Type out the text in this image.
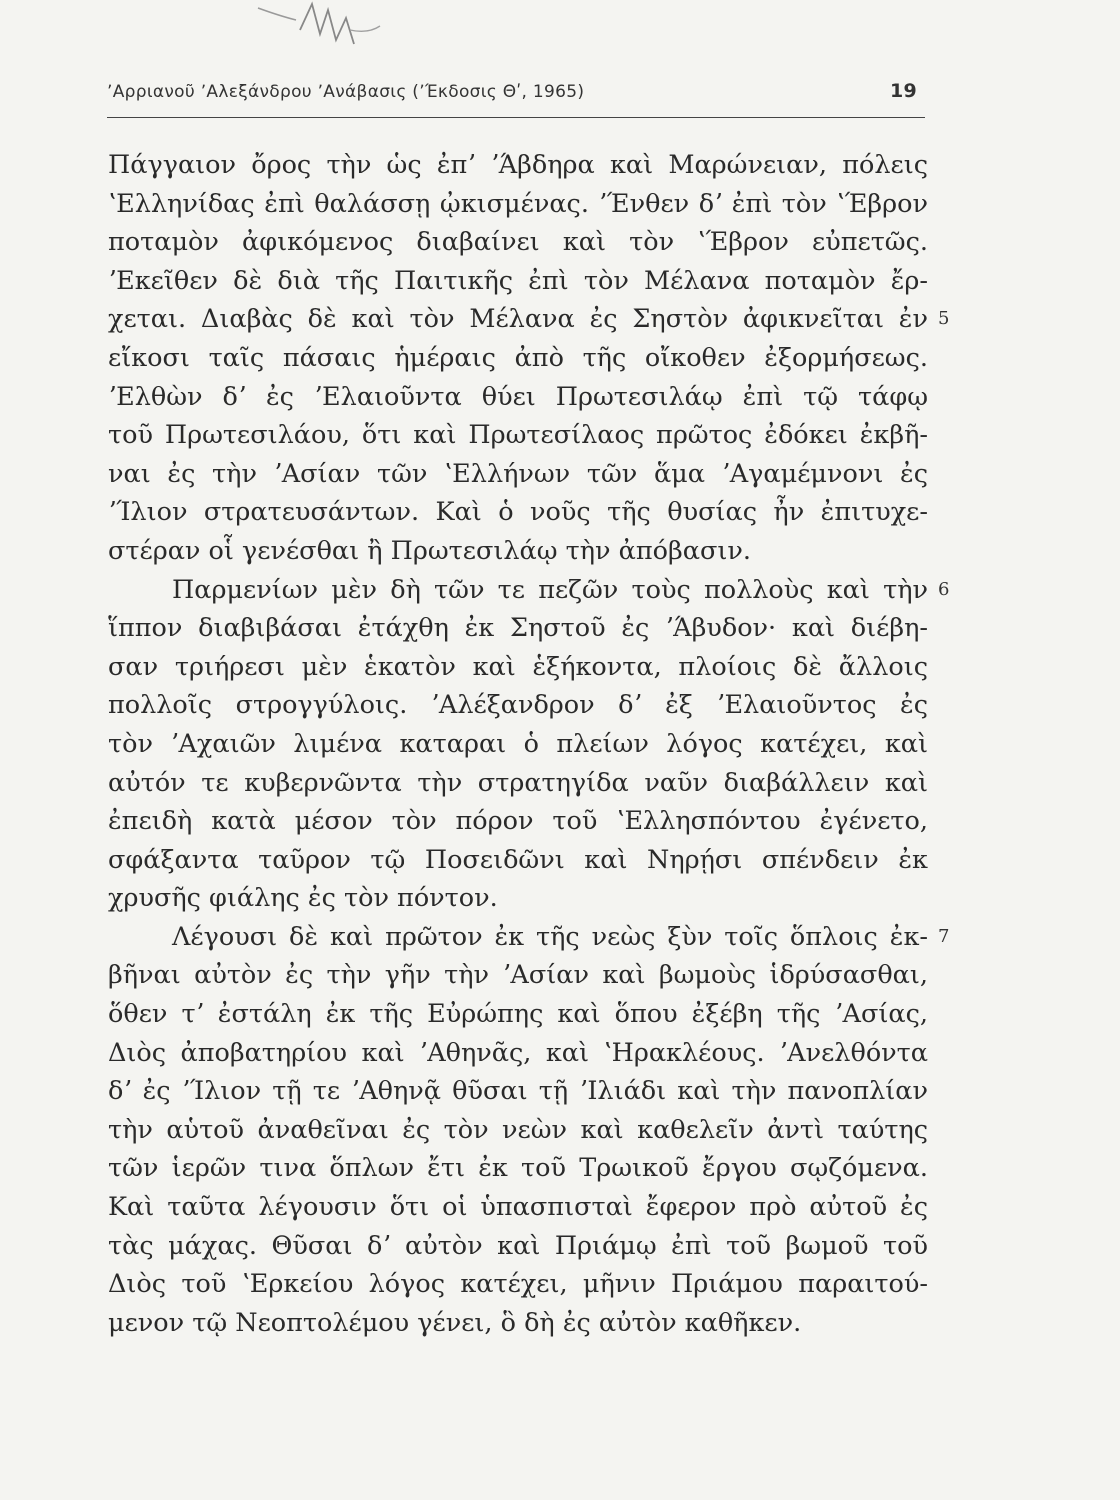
ʼΑρριανοῦ ʼΑλεξάνδρου ʼΑνάβασις (ʼΈκδοσις Θʹ, 1965)	19
Πάγγαιον ὄρος τὴν ὡς ἐπʼ ʼΆβδηρα καὶ Μαρώνειαν, πόλεις
ʽΕλληνίδας ἐπὶ θαλάσσῃ ᾠκισμένας. ʼΈνθεν δʼ ἐπὶ τὸν ʽΈβρον
ποταμὸν ἀφικόμενος διαβαίνει καὶ τὸν ʽΈβρον εὐπετῶς.
ʼΕκεῖθεν δὲ διὰ τῆς Παιτικῆς ἐπὶ τὸν Μέλανα ποταμὸν ἔρ-
χεται. Διαβὰς δὲ καὶ τὸν Μέλανα ἐς Σηστὸν ἀφικνεῖται ἐν 5
εἴκοσι ταῖς πάσαις ἡμέραις ἀπὸ τῆς οἴκοθεν ἐξορμήσεως.
ʼΕλθὼν δʼ ἐς ʼΕλαιοῦντα θύει Πρωτεσιλάῳ ἐπὶ τῷ τάφῳ
τοῦ Πρωτεσιλάου, ὅτι καὶ Πρωτεσίλαος πρῶτος ἐδόκει ἐκβῆ-
ναι ἐς τὴν ʼΑσίαν τῶν ʽΕλλήνων τῶν ἅμα ʼΑγαμέμνονι ἐς
ʼΊλιον στρατευσάντων. Καὶ ὁ νοῦς τῆς θυσίας ἦν ἐπιτυχε-
στέραν οἷ γενέσθαι ἢ Πρωτεσιλάῳ τὴν ἀπόβασιν.
Παρμενίων μὲν δὴ τῶν τε πεζῶν τοὺς πολλοὺς καὶ τὴν 6
ἵππον διαβιβάσαι ἐτάχθη ἐκ Σηστοῦ ἐς ʼΆβυδον· καὶ διέβη-
σαν τριήρεσι μὲν ἑκατὸν καὶ ἑξήκοντα, πλοίοις δὲ ἄλλοις
πολλοῖς στρογγύλοις. ʼΑλέξανδρον δʼ ἐξ ʼΕλαιοῦντος ἐς
τὸν ʼΑχαιῶν λιμένα καταραι ὁ πλείων λόγος κατέχει, καὶ
αὐτόν τε κυβερνῶντα τὴν στρατηγίδα ναῦν διαβάλλειν καὶ
ἐπειδὴ κατὰ μέσον τὸν πόρον τοῦ ʽΕλλησπόντου ἐγένετο,
σφάξαντα ταῦρον τῷ Ποσειδῶνι καὶ Νηρῄσι σπένδειν ἐκ
χρυσῆς φιάλης ἐς τὸν πόντον.
Λέγουσι δὲ καὶ πρῶτον ἐκ τῆς νεὼς ξὺν τοῖς ὅπλοις ἐκ- 7
βῆναι αὐτὸν ἐς τὴν γῆν τὴν ʼΑσίαν καὶ βωμοὺς ἱδρύσασθαι,
ὅθεν τʼ ἐστάλη ἐκ τῆς Εὐρώπης καὶ ὅπου ἐξέβη τῆς ʼΑσίας,
Διὸς ἀποβατηρίου καὶ ʼΑθηνᾶς, καὶ ʽΗρακλέους. ʼΑνελθόντα
δʼ ἐς ʼΊλιον τῇ τε ʼΑθηνᾷ θῦσαι τῇ ʼΙλιάδι καὶ τὴν πανοπλίαν
τὴν αὑτοῦ ἀναθεῖναι ἐς τὸν νεὼν καὶ καθελεῖν ἀντὶ ταύτης
τῶν ἱερῶν τινα ὅπλων ἔτι ἐκ τοῦ Τρωικοῦ ἔργου σῳζόμενα.
Καὶ ταῦτα λέγουσιν ὅτι οἱ ὑπασπισταὶ ἔφερον πρὸ αὐτοῦ ἐς
τὰς μάχας. Θῦσαι δʼ αὐτὸν καὶ Πριάμῳ ἐπὶ τοῦ βωμοῦ τοῦ
Διὸς τοῦ ʽΕρκείου λόγος κατέχει, μῆνιν Πριάμου παραιτού-
μενον τῷ Νεοπτολέμου γένει, ὃ δὴ ἐς αὐτὸν καθῆκεν.
